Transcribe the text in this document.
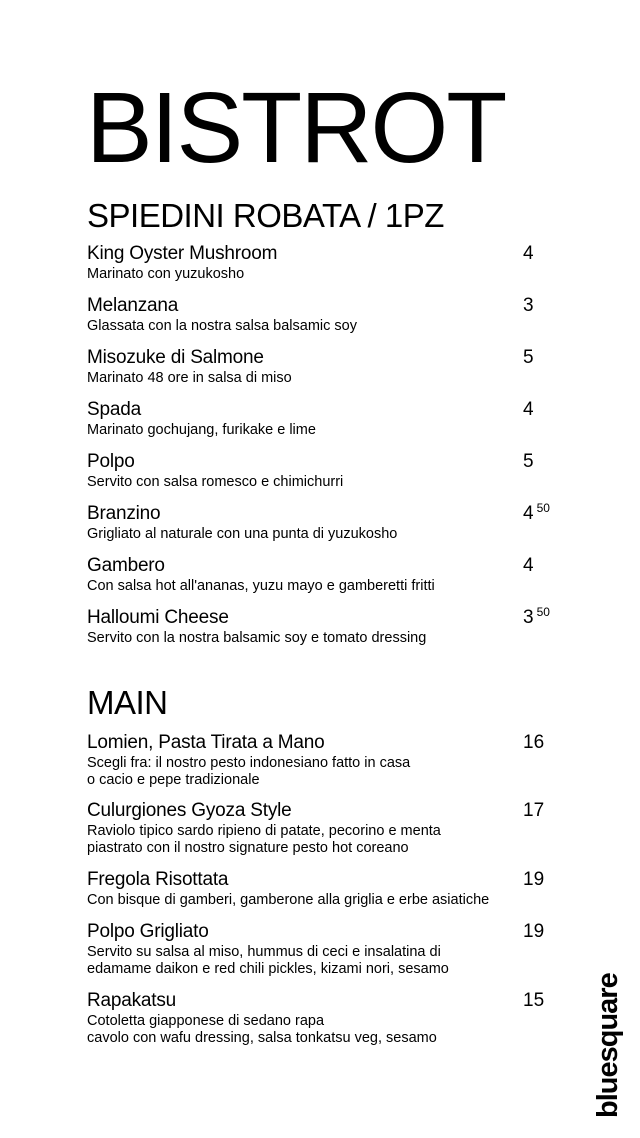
BISTROT
SPIEDINI ROBATA / 1PZ
King Oyster Mushroom
Marinato con yuzukosho
4
Melanzana
Glassata con la nostra salsa balsamic soy
3
Misozuke di Salmone
Marinato 48 ore in salsa di miso
5
Spada
Marinato gochujang, furikake e lime
4
Polpo
Servito con salsa romesco e chimichurri
5
Branzino
Grigliato al naturale con una punta di yuzukosho
4 $^{50}$
Gambero
Con salsa hot all'ananas, yuzu mayo e gamberetti fritti
4
Halloumi Cheese
Servito con la nostra balsamic soy e tomato dressing
3 $^{50}$
MAIN
Lomien, Pasta Tirata a Mano
Scegli fra: il nostro pesto indonesiano fatto in casa
o cacio e pepe tradizionale
16
Culurgiones Gyoza Style
Raviolo tipico sardo ripieno di patate, pecorino e menta
piastrato con il nostro signature pesto hot coreano
17
Fregola Risottata
Con bisque di gamberi, gamberone alla griglia e erbe asiatiche
19
Polpo Grigliato
Servito su salsa al miso, hummus di ceci e insalatina di
edamame daikon e red chili pickles, kizami nori, sesamo
19
Rapakatsu
Cotoletta giapponese di sedano rapa
cavolo con wafu dressing, salsa tonkatsu veg, sesamo
15 bluesquare
